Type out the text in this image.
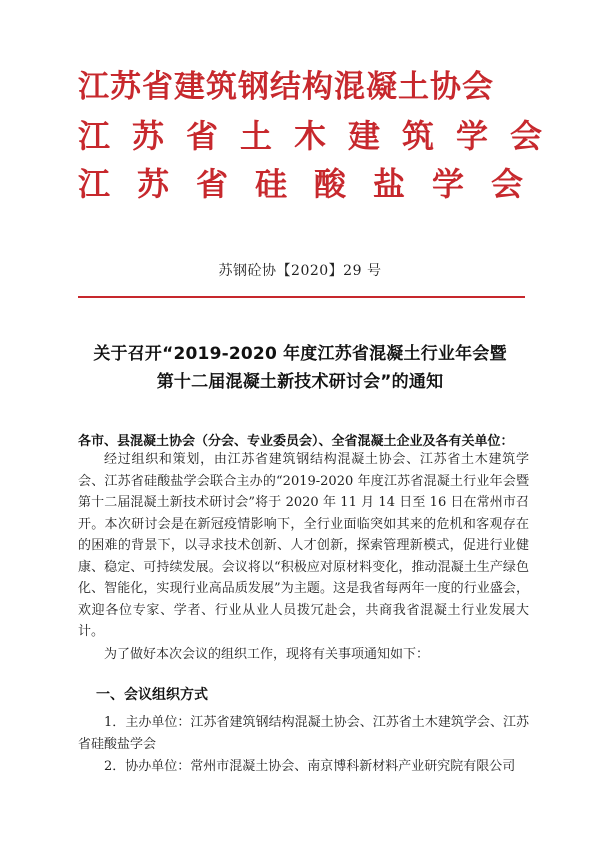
江苏省建筑钢结构混凝土协会
江苏省土木建筑学会
江苏省硅酸盐学会
苏钢砼协【2020】29 号
关于召开“2019-2020 年度江苏省混凝土行业年会暨
第十二届混凝土新技术研讨会”的通知
各市、县混凝土协会（分会、专业委员会）、全省混凝土企业及各有关单位：
经过组织和策划，由江苏省建筑钢结构混凝土协会、江苏省土木建筑学会、江苏省硅酸盐学会联合主办的“2019-2020 年度江苏省混凝土行业年会暨第十二届混凝土新技术研讨会”将于 2020 年 11 月 14 日至 16 日在常州市召开。本次研讨会是在新冠疫情影响下，全行业面临突如其来的危机和客观存在的困难的背景下，以寻求技术创新、人才创新，探索管理新模式，促进行业健康、稳定、可持续发展。会议将以“积极应对原材料变化，推动混凝土生产绿色化、智能化，实现行业高品质发展”为主题。这是我省每两年一度的行业盛会，欢迎各位专家、学者、行业从业人员拨冗赴会，共商我省混凝土行业发展大计。
为了做好本次会议的组织工作，现将有关事项通知如下：
一、会议组织方式
1．主办单位：江苏省建筑钢结构混凝土协会、江苏省土木建筑学会、江苏省硅酸盐学会
2．协办单位：常州市混凝土协会、南京博科新材料产业研究院有限公司
